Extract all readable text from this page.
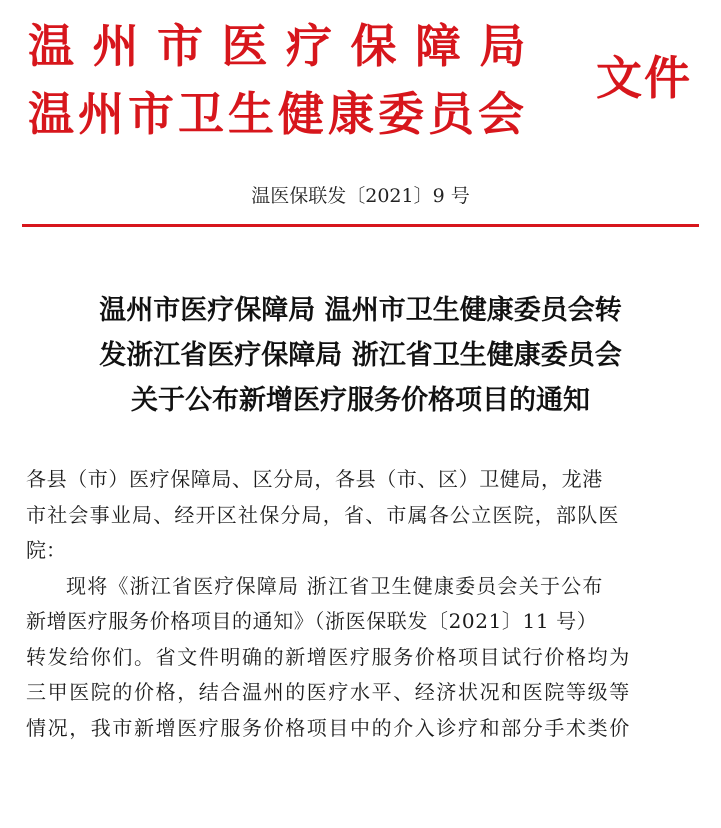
温州市医疗保障局
温州市卫生健康委员会
文件
温医保联发〔2021〕9 号
温州市医疗保障局 温州市卫生健康委员会转
发浙江省医疗保障局 浙江省卫生健康委员会
关于公布新增医疗服务价格项目的通知
各县（市）医疗保障局、区分局，各县（市、区）卫健局，龙港
市社会事业局、经开区社保分局，省、市属各公立医院，部队医
院：
现将《浙江省医疗保障局 浙江省卫生健康委员会关于公布
新增医疗服务价格项目的通知》（浙医保联发〔2021〕11 号）
转发给你们。省文件明确的新增医疗服务价格项目试行价格均为
三甲医院的价格，结合温州的医疗水平、经济状况和医院等级等
情况，我市新增医疗服务价格项目中的介入诊疗和部分手术类价
